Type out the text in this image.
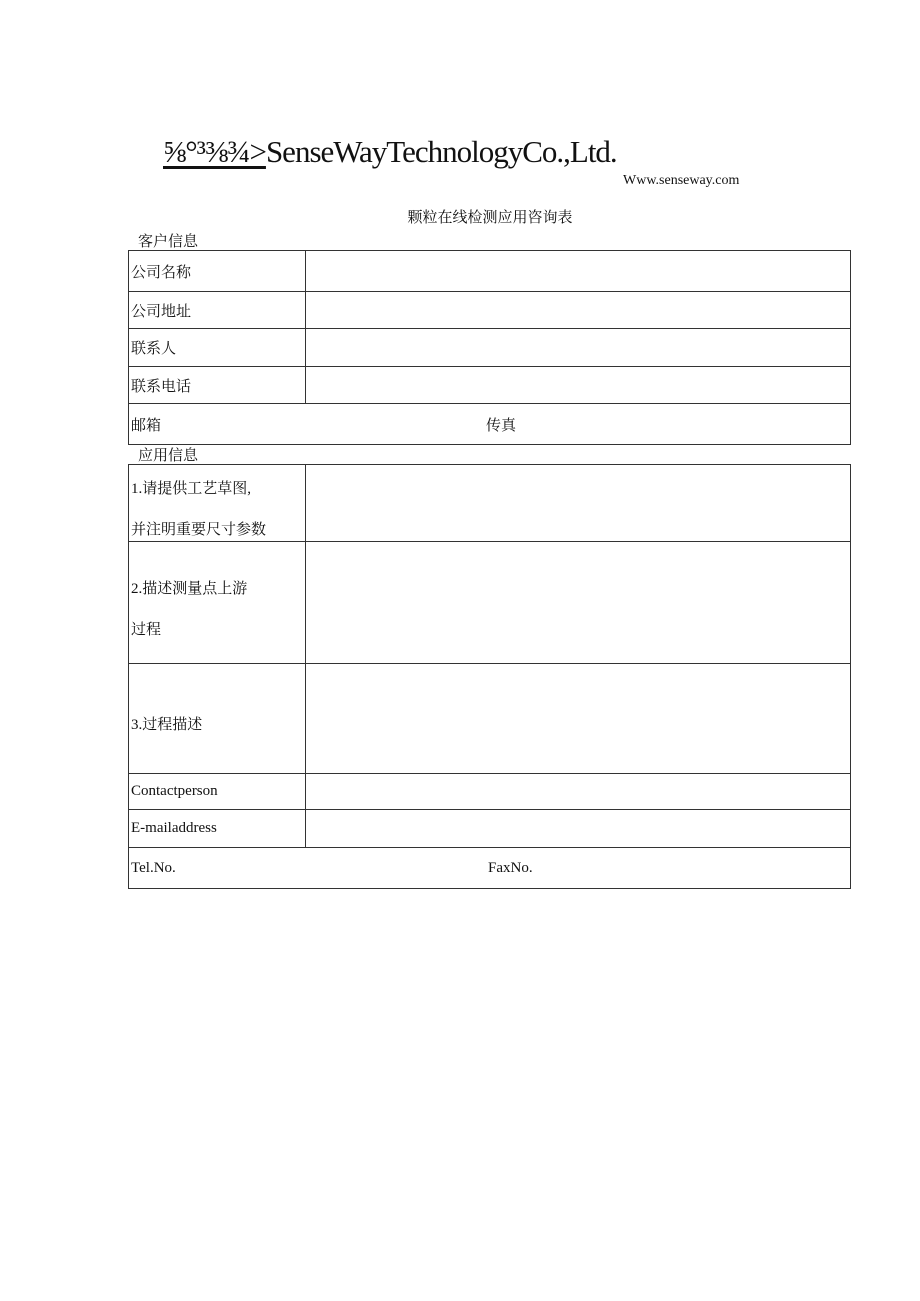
⅝°³⅜¾>SenseWayTechnologyCo.,Ltd.
Www.senseway.com
颗粒在线检测应用咨询表
客户信息
公司名称	
公司地址	
联系人	
联系电话	
邮箱 传真	
应用信息
1.请提供工艺草图,
并注明重要尺寸参数	

2.描述测量点上游
过程	

3.过程描述	

Contactperson	
E-mailaddress	
Tel.No. FaxNo.	
